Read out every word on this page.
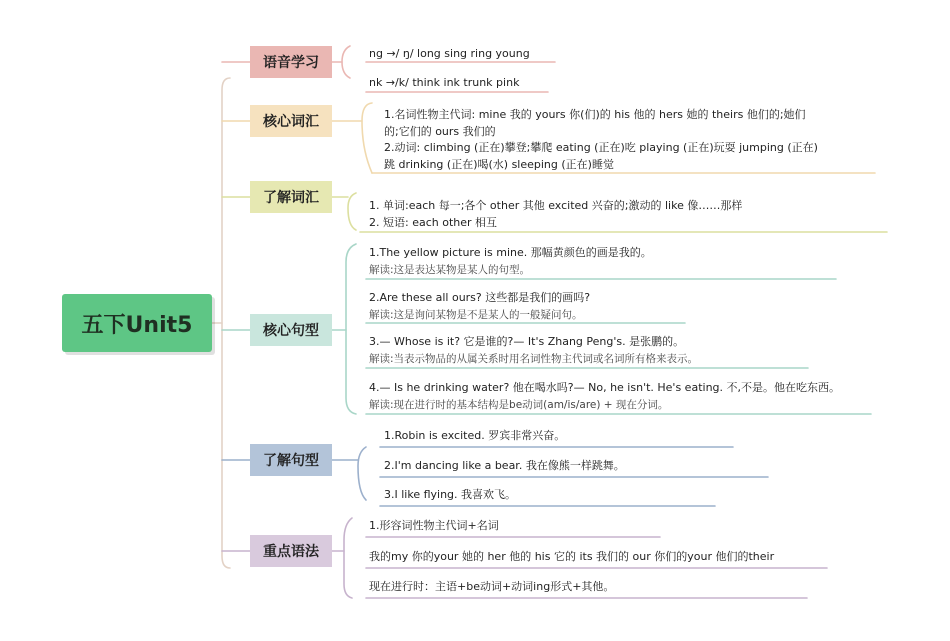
五下Unit5
语音学习
核心词汇
了解词汇
核心句型
了解句型
重点语法
ng →/ ŋ/ long sing ring young
nk →/k/ think ink trunk pink
1.名词性物主代词: mine 我的 yours 你(们)的 his 他的 hers 她的 theirs 他们的;她们
的;它们的 ours 我们的
2.动词: climbing (正在)攀登;攀爬 eating (正在)吃 playing (正在)玩耍 jumping (正在)
跳 drinking (正在)喝(水) sleeping (正在)睡觉
1. 单词:each 每一;各个 other 其他 excited 兴奋的;激动的 like 像……那样
2. 短语: each other 相互
1.The yellow picture is mine. 那幅黄颜色的画是我的。
解读:这是表达某物是某人的句型。
2.Are these all ours? 这些都是我们的画吗?
解读:这是询问某物是不是某人的一般疑问句。
3.— Whose is it? 它是谁的?— It's Zhang Peng's. 是张鹏的。
解读:当表示物品的从属关系时用名词性物主代词或名词所有格来表示。
4.— Is he drinking water? 他在喝水吗?— No, he isn't. He's eating. 不,不是。他在吃东西。
解读:现在进行时的基本结构是be动词(am/is/are) + 现在分词。
1.Robin is excited. 罗宾非常兴奋。
2.I'm dancing like a bear. 我在像熊一样跳舞。
3.I like flying. 我喜欢飞。
1.形容词性物主代词+名词
我的my 你的your 她的 her 他的 his 它的 its 我们的 our 你们的your 他们的their
现在进行时：主语+be动词+动词ing形式+其他。
